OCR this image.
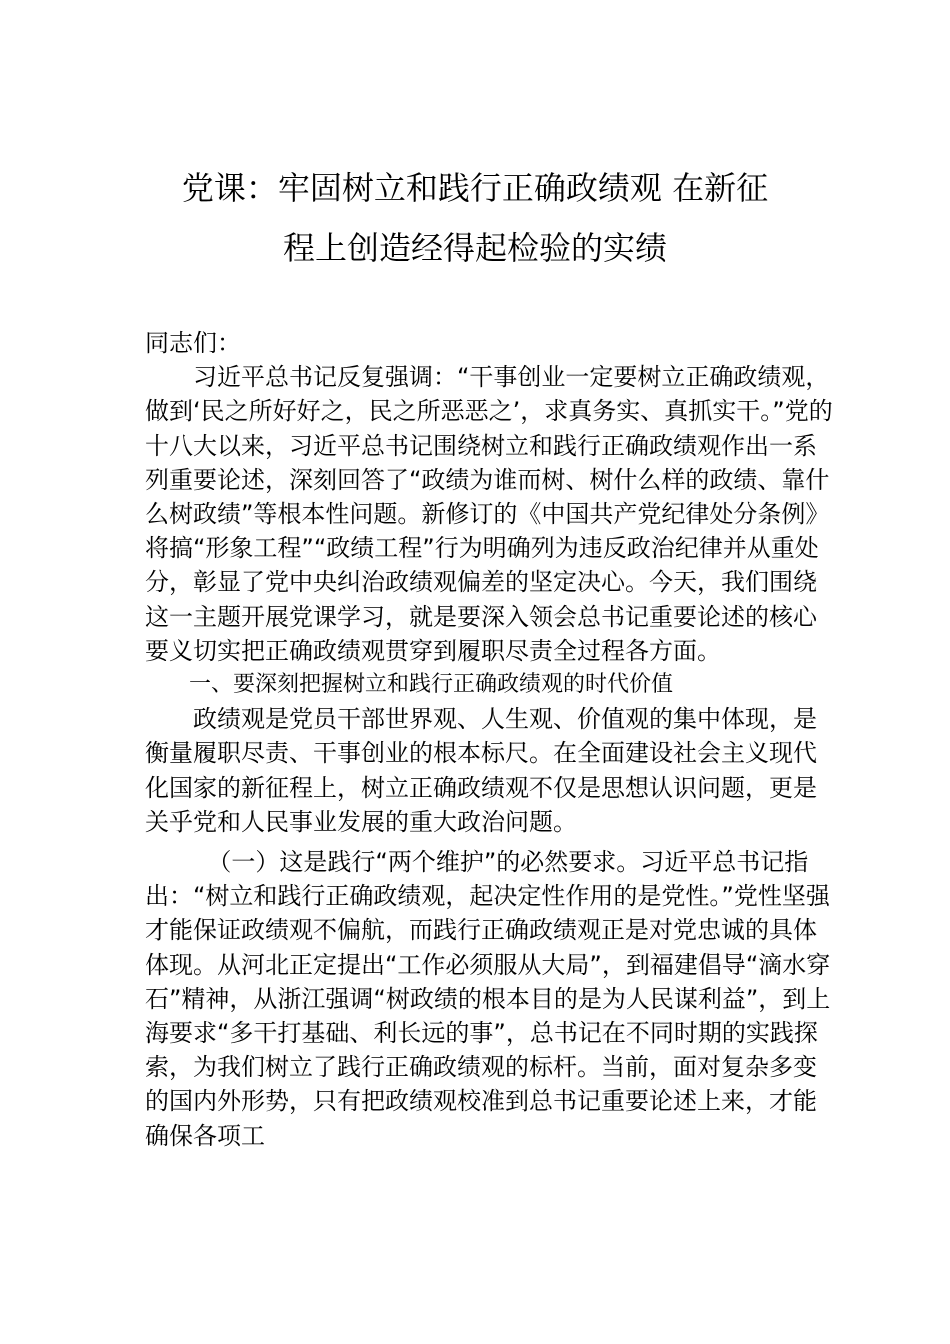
党课：牢固树立和践行正确政绩观 在新征
程上创造经得起检验的实绩

同志们：

习近平总书记反复强调：“干事创业一定要树立正确政绩观，做到‘民之所好好之，民之所恶恶之’，求真务实、真抓实干。”党的十八大以来，习近平总书记围绕树立和践行正确政绩观作出一系列重要论述，深刻回答了“政绩为谁而树、树什么样的政绩、靠什么树政绩”等根本性问题。新修订的《中国共产党纪律处分条例》将搞“形象工程”“政绩工程”行为明确列为违反政治纪律并从重处分，彰显了党中央纠治政绩观偏差的坚定决心。今天，我们围绕这一主题开展党课学习，就是要深入领会总书记重要论述的核心要义切实把正确政绩观贯穿到履职尽责全过程各方面。

一、要深刻把握树立和践行正确政绩观的时代价值

政绩观是党员干部世界观、人生观、价值观的集中体现，是衡量履职尽责、干事创业的根本标尺。在全面建设社会主义现代化国家的新征程上，树立正确政绩观不仅是思想认识问题，更是关乎党和人民事业发展的重大政治问题。

（一）这是践行“两个维护”的必然要求。习近平总书记指出：“树立和践行正确政绩观，起决定性作用的是党性。”党性坚强才能保证政绩观不偏航，而践行正确政绩观正是对党忠诚的具体体现。从河北正定提出“工作必须服从大局”，到福建倡导“滴水穿石”精神，从浙江强调“树政绩的根本目的是为人民谋利益”，到上海要求“多干打基础、利长远的事”，总书记在不同时期的实践探索，为我们树立了践行正确政绩观的标杆。当前，面对复杂多变的国内外形势，只有把政绩观校准到总书记重要论述上来，才能确保各项工
